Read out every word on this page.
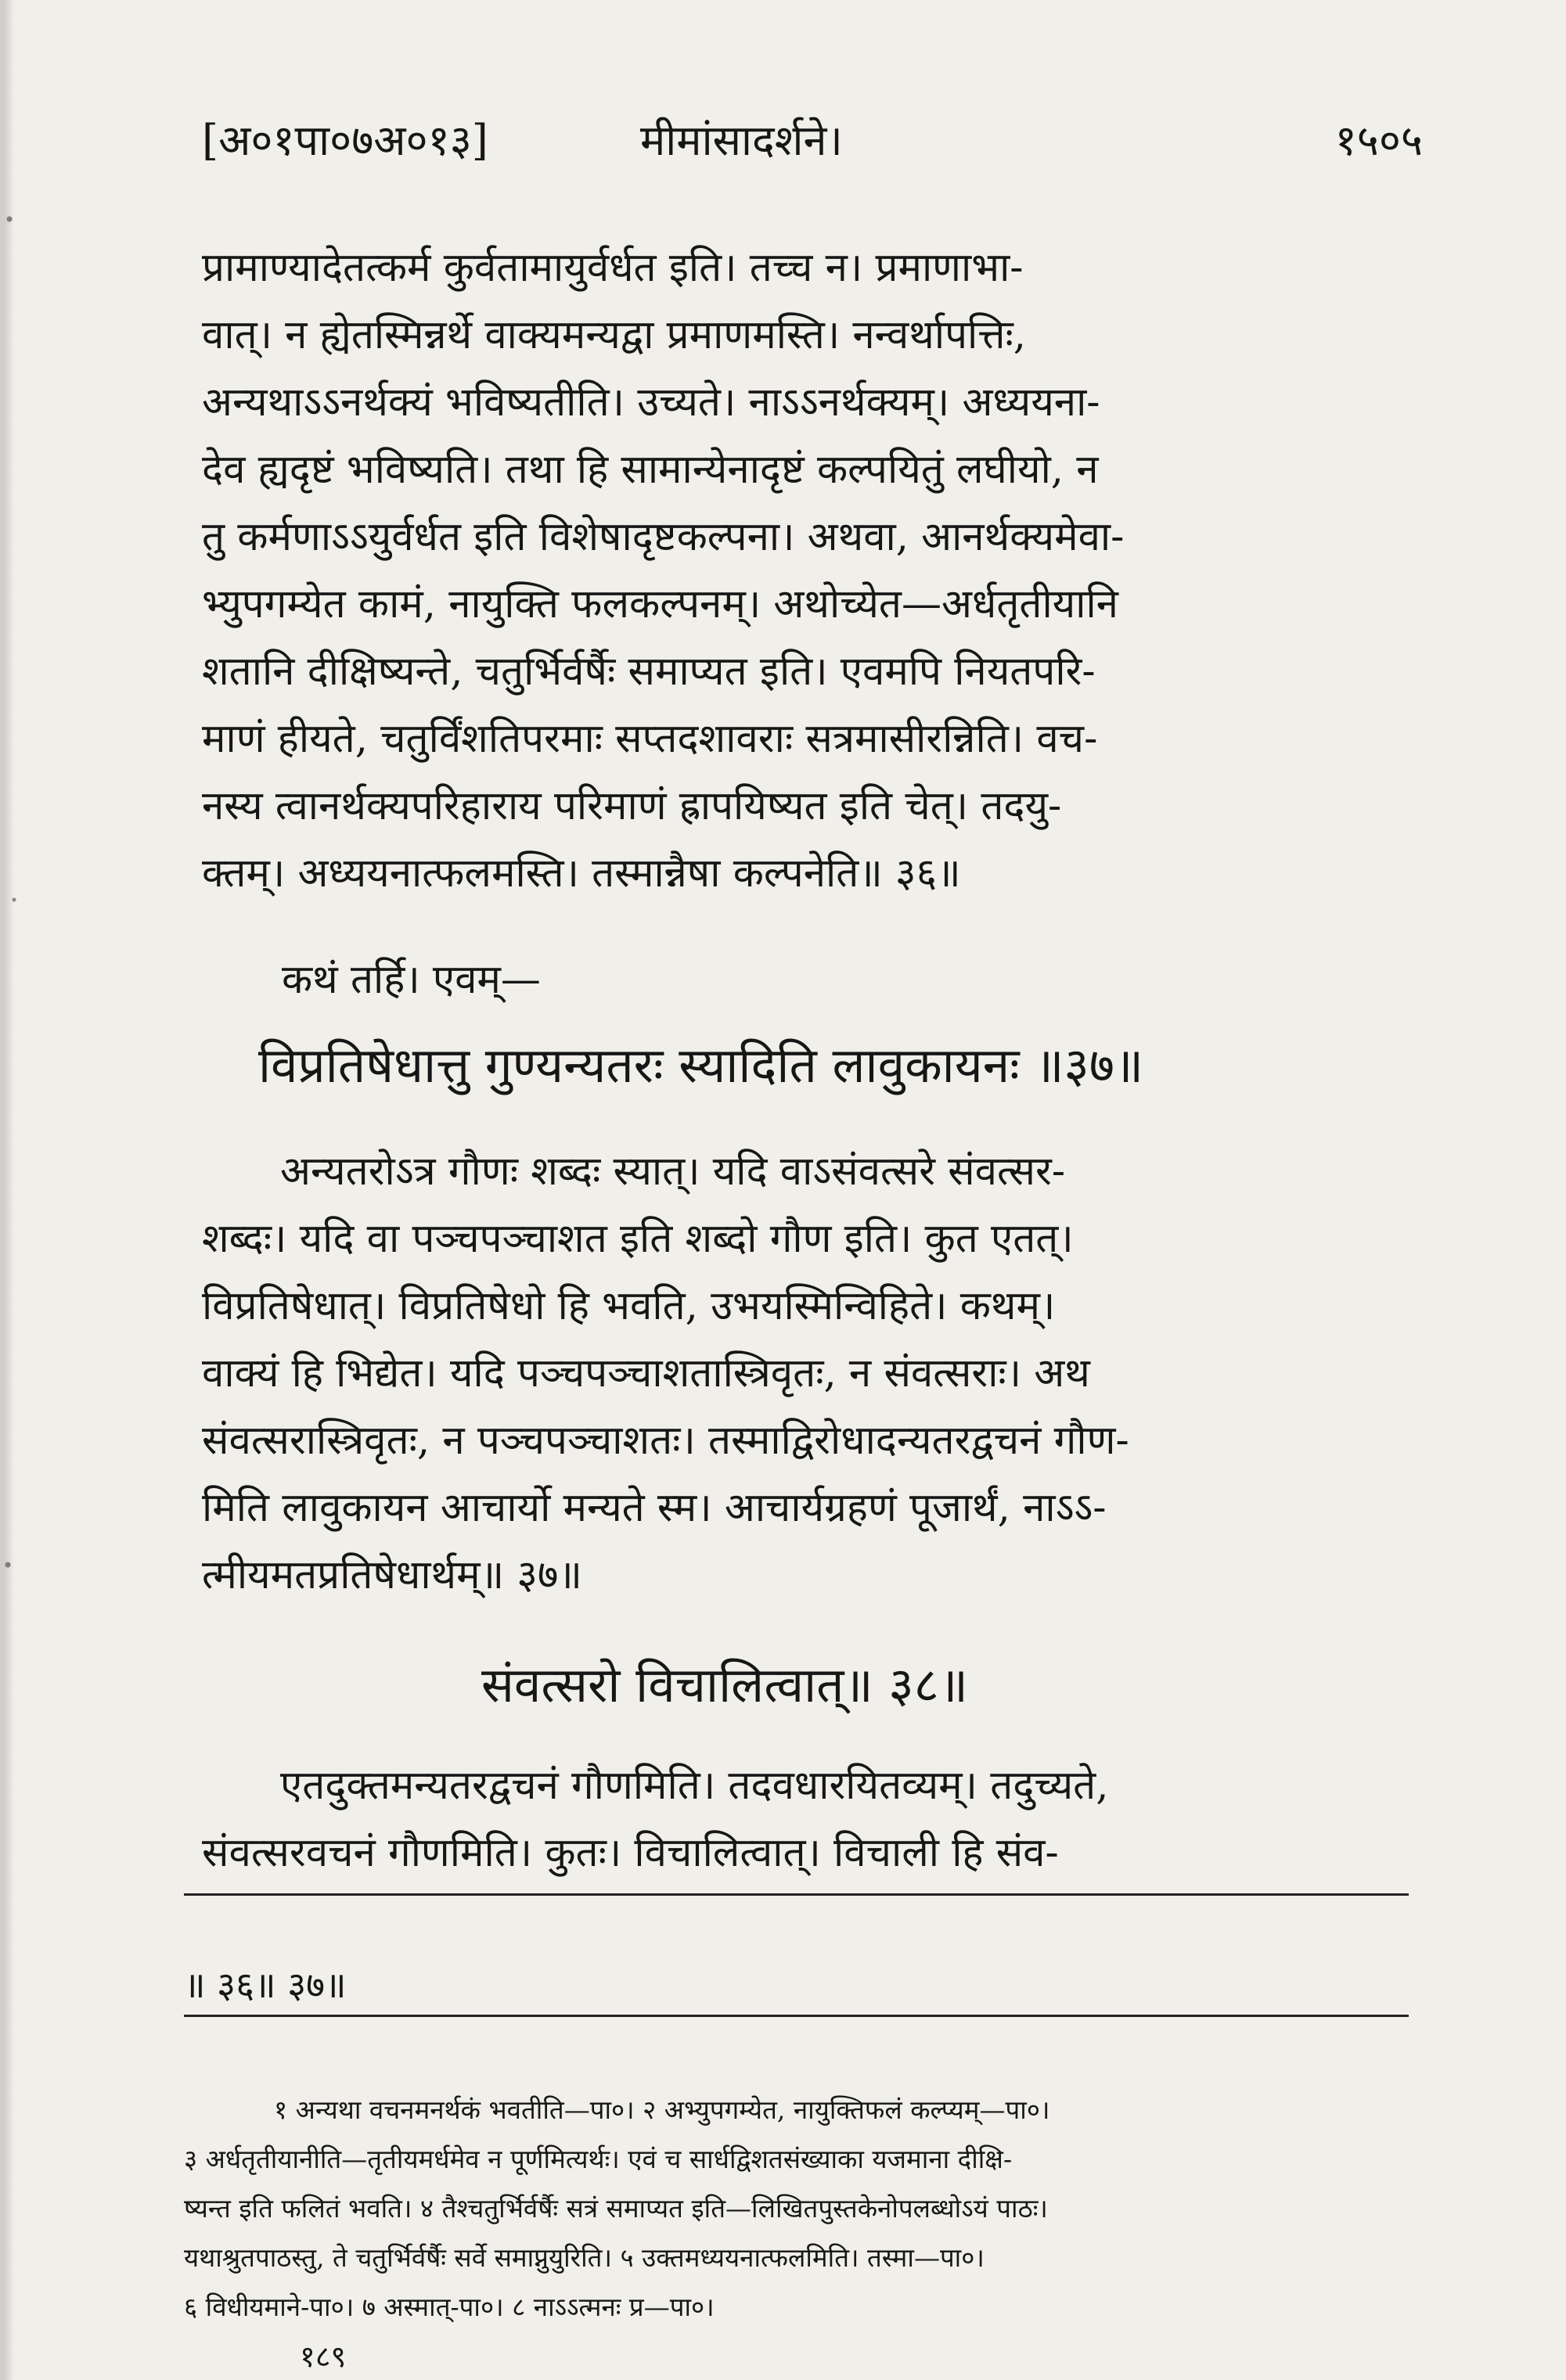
[अ०१पा०७अ०१३]	मीमांसादर्शने।	१५०५

प्रामाण्यादेतत्कर्म कुर्वतामायुर्वर्धत इति। तच्च न। प्रमाणाभा-

वात्। न ह्येतस्मिन्नर्थे वाक्यमन्यद्वा प्रमाणमस्ति। नन्वर्थापत्तिः,

अन्यथाऽऽनर्थक्यं भविष्यतीति। उच्यते। नाऽऽनर्थक्यम्। अध्ययना-

देव ह्यदृष्टं भविष्यति। तथा हि सामान्येनादृष्टं कल्पयितुं लघीयो, न

तु कर्मणाऽऽयुर्वर्धत इति विशेषादृष्टकल्पना। अथवा, आनर्थक्यमेवा-

भ्युपगम्येत कामं, नायुक्ति फलकल्पनम्। अथोच्येत—अर्धतृतीयानि

शतानि दीक्षिष्यन्ते, चतुर्भिर्वर्षैः समाप्यत इति। एवमपि नियतपरि-

माणं हीयते, चतुर्विंशतिपरमाः सप्तदशावराः सत्रमासीरन्निति। वच-

नस्य त्वानर्थक्यपरिहाराय परिमाणं ह्रापयिष्यत इति चेत्। तदयु-

क्तम्। अध्ययनात्फलमस्ति। तस्मान्नैषा कल्पनेति॥ ३६॥

कथं तर्हि। एवम्—
विप्रतिषेधात्तु गुण्यन्यतरः स्यादिति लावुकायनः ॥३७॥

अन्यतरोऽत्र गौणः शब्दः स्यात्। यदि वाऽसंवत्सरे संवत्सर-

शब्दः। यदि वा पञ्चपञ्चाशत इति शब्दो गौण इति। कुत एतत्।

विप्रतिषेधात्। विप्रतिषेधो हि भवति, उभयस्मिन्विहिते। कथम्।

वाक्यं हि भिद्येत। यदि पञ्चपञ्चाशतास्त्रिवृतः, न संवत्सराः। अथ

संवत्सरास्त्रिवृतः, न पञ्चपञ्चाशतः। तस्माद्विरोधादन्यतरद्वचनं गौण-

मिति लावुकायन आचार्यो मन्यते स्म। आचार्यग्रहणं पूजार्थं, नाऽऽ-

त्मीयमतप्रतिषेधार्थम्॥ ३७॥

संवत्सरो विचालित्वात्॥ ३८॥

एतदुक्तमन्यतरद्वचनं गौणमिति। तदवधारयितव्यम्। तदुच्यते,

संवत्सरवचनं गौणमिति। कुतः। विचालित्वात्। विचाली हि संव-

॥ ३६॥ ३७॥

१ अन्यथा वचनमनर्थकं भवतीति—पा०। २ अभ्युपगम्येत, नायुक्तिफलं कल्प्यम्—पा०।

३ अर्धतृतीयानीति—तृतीयमर्धमेव न पूर्णमित्यर्थः। एवं च सार्धद्विशतसंख्याका यजमाना दीक्षि-

ष्यन्त इति फलितं भवति। ४ तैश्चतुर्भिर्वर्षैः सत्रं समाप्यत इति—लिखितपुस्तकेनोपलब्धोऽयं पाठः।

यथाश्रुतपाठस्तु, ते चतुर्भिर्वर्षैः सर्वे समाप्नुयुरिति। ५ उक्तमध्ययनात्फलमिति। तस्मा—पा०।

६ विधीयमाने-पा०। ७ अस्मात्-पा०। ८ नाऽऽत्मनः प्र—पा०।

१८९
